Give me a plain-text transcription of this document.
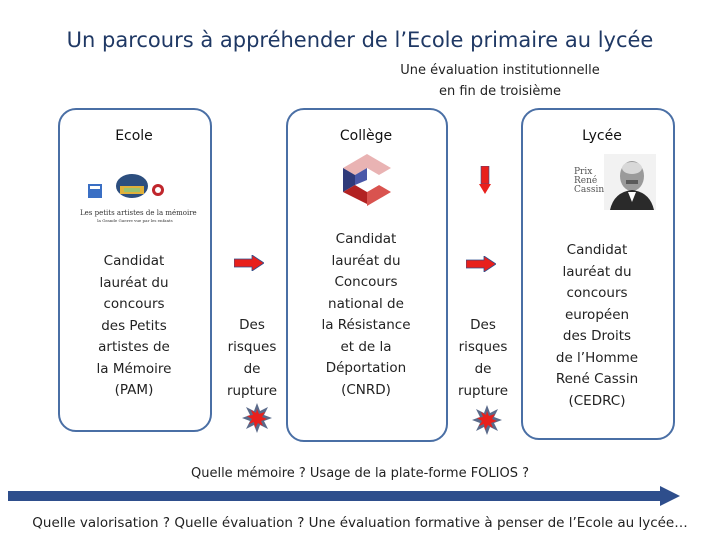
Un parcours à appréhender de l’Ecole primaire au lycée
Une évaluation institutionnelle
en fin de troisième
Ecole
Les petits artistes de la mémoire
la Grande Guerre vue par les enfants
Candidat
lauréat du
concours
des Petits
artistes de
la Mémoire
(PAM)
Des
risques
de
rupture
Collège
Candidat
lauréat du
Concours
national de
la Résistance
et de la
Déportation
(CNRD)
Des
risques
de
rupture
Lycée
Prix
René
Cassin
Candidat
lauréat du
concours
européen
des Droits
de l’Homme
René Cassin
(CEDRC)
Quelle mémoire ? Usage de la plate-forme FOLIOS ?
Quelle valorisation ? Quelle évaluation ? Une évaluation formative à penser de l’Ecole au lycée…
